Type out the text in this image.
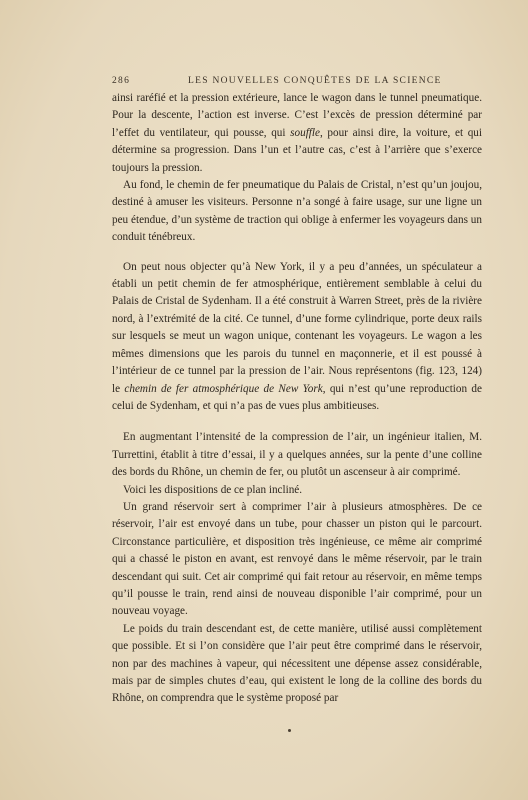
286	LES NOUVELLES CONQUÊTES DE LA SCIENCE

ainsi raréfié et la pression extérieure, lance le wagon dans le tunnel pneumatique. Pour la descente, l’action est inverse. C’est l’excès de pression déterminé par l’effet du ventilateur, qui pousse, qui souffle, pour ainsi dire, la voiture, et qui détermine sa progression. Dans l’un et l’autre cas, c’est à l’arrière que s’exerce toujours la pression.

Au fond, le chemin de fer pneumatique du Palais de Cristal, n’est qu’un joujou, destiné à amuser les visiteurs. Personne n’a songé à faire usage, sur une ligne un peu étendue, d’un système de traction qui oblige à enfermer les voyageurs dans un conduit ténébreux.

On peut nous objecter qu’à New York, il y a peu d’années, un spéculateur a établi un petit chemin de fer atmosphérique, entièrement semblable à celui du Palais de Cristal de Sydenham. Il a été construit à Warren Street, près de la rivière nord, à l’extrémité de la cité. Ce tunnel, d’une forme cylindrique, porte deux rails sur lesquels se meut un wagon unique, contenant les voyageurs. Le wagon a les mêmes dimensions que les parois du tunnel en maçonnerie, et il est poussé à l’intérieur de ce tunnel par la pression de l’air. Nous représentons (fig. 123, 124) le chemin de fer atmosphérique de New York, qui n’est qu’une reproduction de celui de Sydenham, et qui n’a pas de vues plus ambitieuses.

En augmentant l’intensité de la compression de l’air, un ingénieur italien, M. Turrettini, établit à titre d’essai, il y a quelques années, sur la pente d’une colline des bords du Rhône, un chemin de fer, ou plutôt un ascenseur à air comprimé.

Voici les dispositions de ce plan incliné.

Un grand réservoir sert à comprimer l’air à plusieurs atmosphères. De ce réservoir, l’air est envoyé dans un tube, pour chasser un piston qui le parcourt. Circonstance particulière, et disposition très ingénieuse, ce même air comprimé qui a chassé le piston en avant, est renvoyé dans le même réservoir, par le train descendant qui suit. Cet air comprimé qui fait retour au réservoir, en même temps qu’il pousse le train, rend ainsi de nouveau disponible l’air comprimé, pour un nouveau voyage.

Le poids du train descendant est, de cette manière, utilisé aussi complètement que possible. Et si l’on considère que l’air peut être comprimé dans le réservoir, non par des machines à vapeur, qui nécessitent une dépense assez considérable, mais par de simples chutes d’eau, qui existent le long de la colline des bords du Rhône, on comprendra que le système proposé par
